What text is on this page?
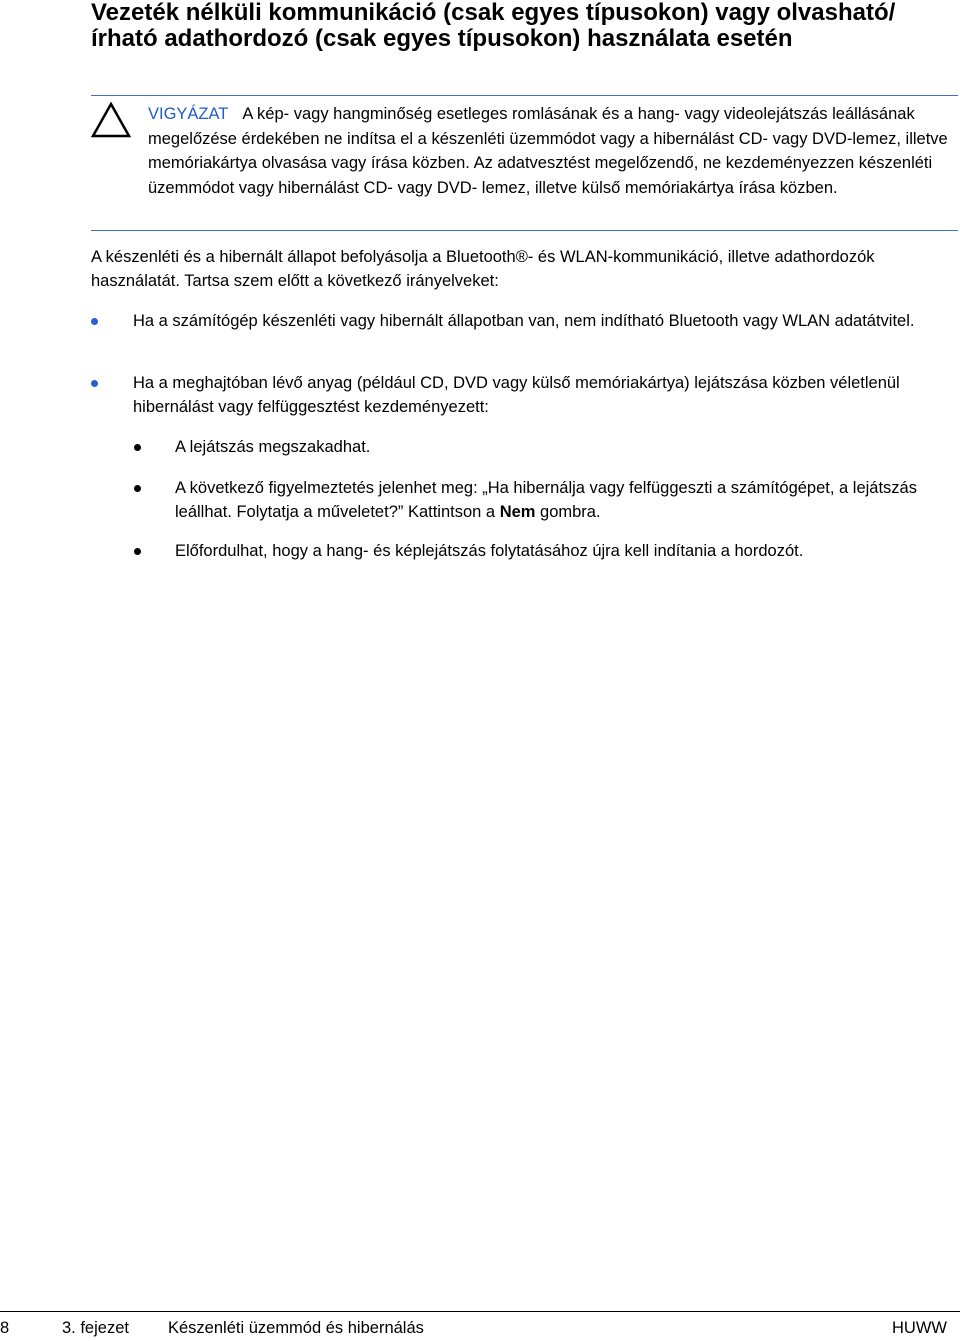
Vezeték nélküli kommunikáció (csak egyes típusokon) vagy olvasható/írható adathordozó (csak egyes típusokon) használata esetén
VIGYÁZAT A kép- vagy hangminőség esetleges romlásának és a hang- vagy videolejátszás leállásának megelőzése érdekében ne indítsa el a készenléti üzemmódot vagy a hibernálást CD- vagy DVD-lemez, illetve memóriakártya olvasása vagy írása közben. Az adatvesztést megelőzendő, ne kezdeményezzen készenléti üzemmódot vagy hibernálást CD- vagy DVD- lemez, illetve külső memóriakártya írása közben.

A készenléti és a hibernált állapot befolyásolja a Bluetooth®- és WLAN-kommunikáció, illetve adathordozók használatát. Tartsa szem előtt a következő irányelveket:

Ha a számítógép készenléti vagy hibernált állapotban van, nem indítható Bluetooth vagy WLAN adatátvitel.
Ha a meghajtóban lévő anyag (például CD, DVD vagy külső memóriakártya) lejátszása közben véletlenül hibernálást vagy felfüggesztést kezdeményezett:
A lejátszás megszakadhat.
A következő figyelmeztetés jelenhet meg: „Ha hibernálja vagy felfüggeszti a számítógépet, a lejátszás leállhat. Folytatja a műveletet?” Kattintson a Nem gombra.
Előfordulhat, hogy a hang- és képlejátszás folytatásához újra kell indítania a hordozót.
8	3. fejezet Készenléti üzemmód és hibernálás	HUWW
